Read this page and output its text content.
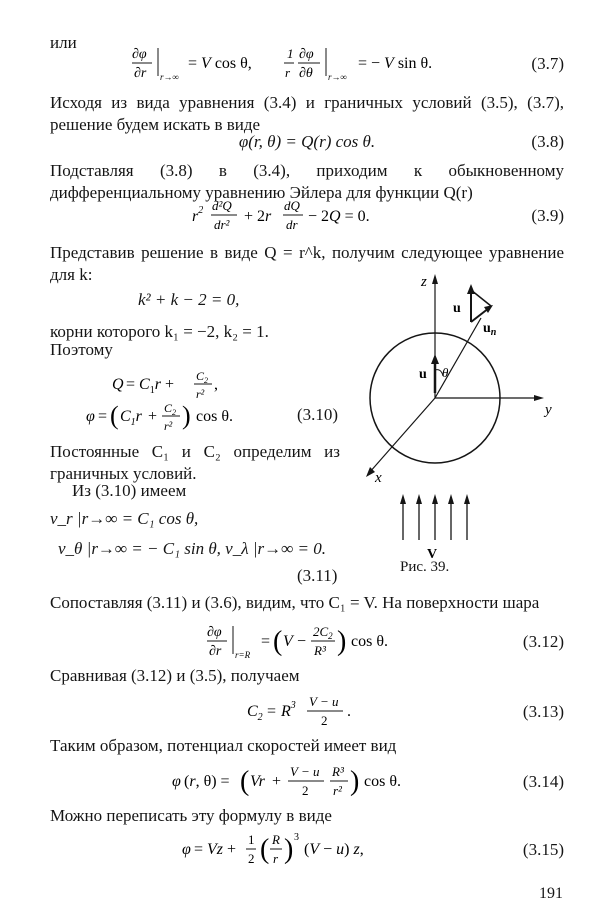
или
∂φ
∂r r→∞
= V cos θ,
1
r
∂φ
∂θ r→∞
= − V sin θ.	(3.7)
Исходя из вида уравнения (3.4) и граничных условий (3.5), (3.7), решение будем искать в виде
φ(r, θ) = Q(r) cos θ.	(3.8)
Подставляя (3.8) в (3.4), приходим к обыкновенному дифференциальному уравнению Эйлера для функции Q(r)
$r^2$ d²Q
dr² + 2r
dQ
dr − 2Q = 0.	(3.9)
Представив решение в виде Q = r^k, получим следующее уравнение для k:
k² + k − 2 = 0,
корни которого k₁ = −2, k₂ = 1.
Поэтому
$Q = C_1r + C_2$
r²
,
φ = ( $C_1r + C_2$
r² ) cos θ.	(3.10)
Постоянные C₁ и C₂ определим из граничных условий.
Из (3.10) имеем
v_r |r→∞ = C₁ cos θ,
v_θ |r→∞ = − C₁ sin θ, v_λ |r→∞ = 0.
(3.11)
z
y
x
u θ
u
$u_n$
V
Рис. 39.
Сопоставляя (3.11) и (3.6), видим, что C₁ = V. На поверхности шара
∂φ
∂r r=R
= ( V −
$2C_2$
R³ ) cos θ.	(3.12)
Сравнивая (3.12) и (3.5), получаем
$C_2 = R^3$ V − u
2
.	(3.13)
Таким образом, потенциал скоростей имеет вид
φ (r, θ) = ( Vr +
V − u
2
R³
r² ) cos θ.	(3.14)
Можно переписать эту формулу в виде
φ = Vz +
1
2 ( R
r ) 3
(V − u) z,	(3.15)
191
